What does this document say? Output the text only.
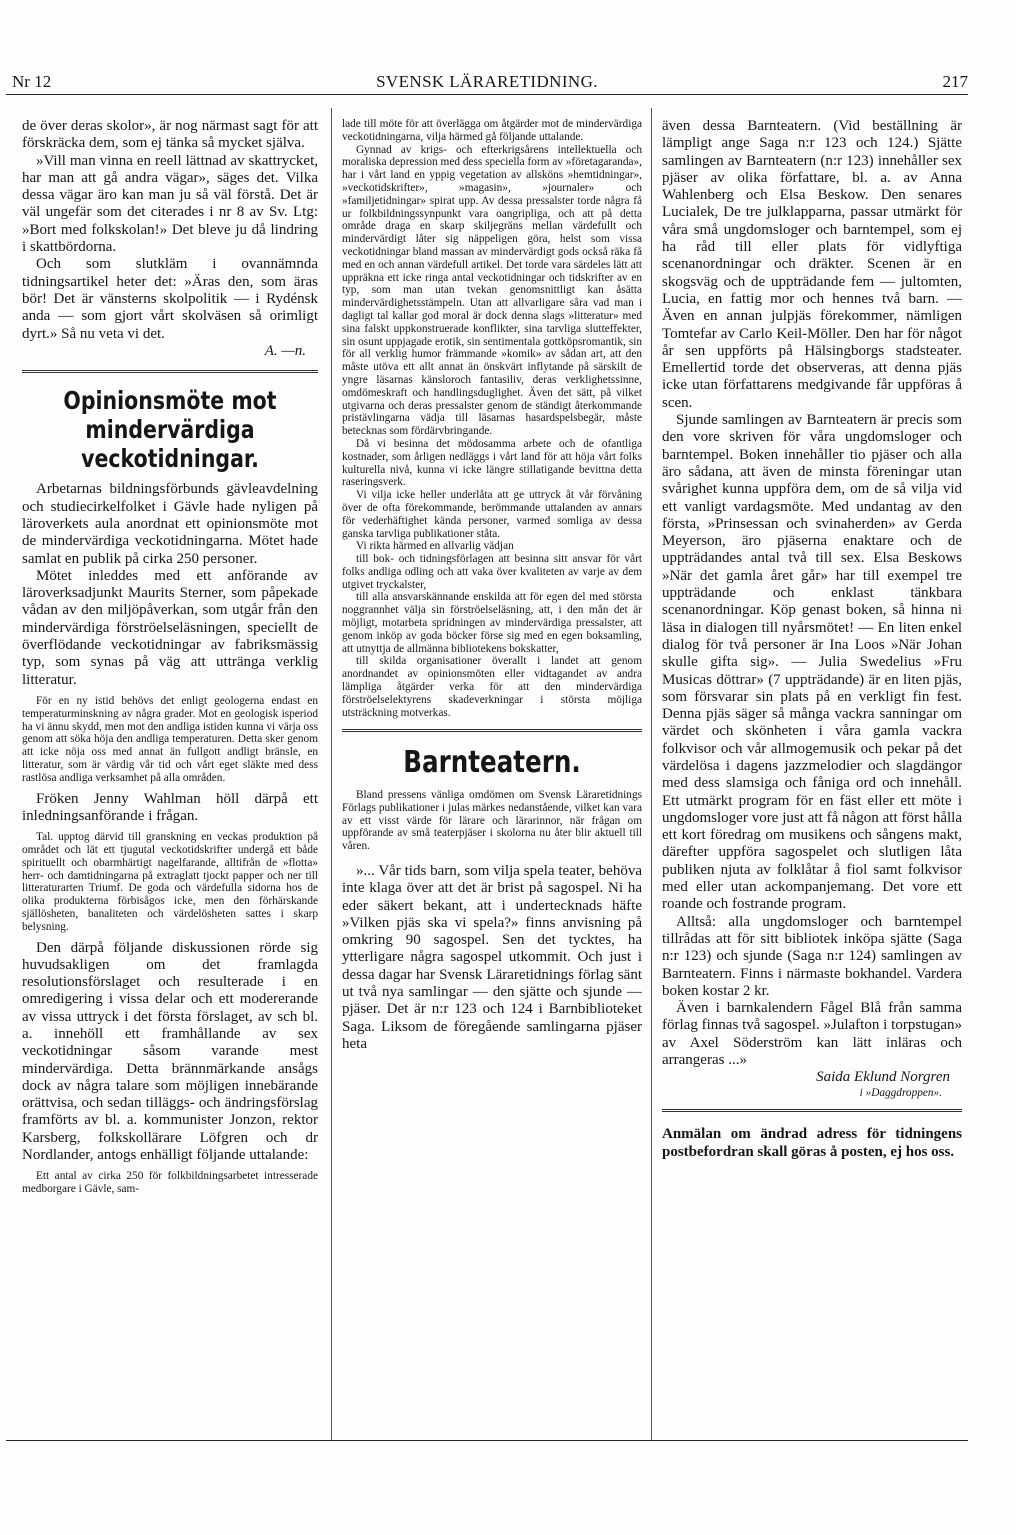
Nr 12	SVENSK LÄRARETIDNING.	217

de över deras skolor», är nog närmast sagt för att förskräcka dem, som ej tänka så mycket själva.

»Vill man vinna en reell lättnad av skattrycket, har man att gå andra vägar», säges det. Vilka dessa vägar äro kan man ju så väl förstå. Det är väl ungefär som det citerades i nr 8 av Sv. Ltg: »Bort med folkskolan!» Det bleve ju då lindring i skattbördorna.

Och som slutkläm i ovannämnda tidningsartikel heter det: »Äras den, som äras bör! Det är vänsterns skolpolitik — i Rydénsk anda — som gjort vårt skolväsen så orimligt dyrt.» Så nu veta vi det.

A. —n.

Opinionsmöte mot mindervärdiga veckotidningar.

Arbetarnas bildningsförbunds gävleavdelning och studiecirkelfolket i Gävle hade nyligen på läroverkets aula anordnat ett opinionsmöte mot de mindervärdiga veckotidningarna. Mötet hade samlat en publik på cirka 250 personer.

Mötet inleddes med ett anförande av läroverksadjunkt Maurits Sterner, som påpekade vådan av den miljöpåverkan, som utgår från den mindervärdiga förströelseläsningen, speciellt de överflödande veckotidningar av fabriksmässig typ, som synas på väg att uttränga verklig litteratur.

För en ny istid behövs det enligt geologerna endast en temperaturminskning av några grader. Mot en geologisk isperiod ha vi ännu skydd, men mot den andliga istiden kunna vi värja oss genom att söka höja den andliga temperaturen. Detta sker genom att icke nöja oss med annat än fullgott andligt bränsle, en litteratur, som är värdig vår tid och vårt eget släkte med dess rastlösa andliga verksamhet på alla områden.

Fröken Jenny Wahlman höll därpå ett inledningsanförande i frågan.

Tal. upptog därvid till granskning en veckas produktion på området och lät ett tjugutal veckotidskrifter undergå ett både spirituellt och obarmhärtigt nagelfarande, alltifrån de »flotta» herr- och damtidningarna på extraglatt tjockt papper och ner till litteraturarten Triumf. De goda och värdefulla sidorna hos de olika produkterna förbisågos icke, men den förhärskande själlösheten, banaliteten och värdelösheten sattes i skarp belysning.

Den därpå följande diskussionen rörde sig huvudsakligen om det framlagda resolutionsförslaget och resulterade i en omredigering i vissa delar och ett modererande av vissa uttryck i det första förslaget, av sch bl. a. innehöll ett framhållande av sex veckotidningar såsom varande mest mindervärdiga. Detta brännmärkande ansågs dock av några talare som möjligen innebärande orättvisa, och sedan tilläggs- och ändringsförslag framförts av bl. a. kommunister Jonzon, rektor Karsberg, folkskollärare Löfgren och dr Nordlander, antogs enhälligt följande uttalande:

Ett antal av cirka 250 för folkbildningsarbetet intresserade medborgare i Gävle, sam-

lade till möte för att överlägga om åtgärder mot de mindervärdiga veckotidningarna, vilja härmed gå följande uttalande.

Gynnad av krigs- och efterkrigsårens intellektuella och moraliska depression med dess speciella form av »företagaranda», har i vårt land en yppig vegetation av allsköns »hemtidningar», »veckotidskrifter», »magasin», »journaler» och »familjetidningar» spirat upp. Av dessa pressalster torde några få ur folkbildningssynpunkt vara oangripliga, och att på detta område draga en skarp skiljegräns mellan värdefullt och mindervärdigt låter sig näppeligen göra, helst som vissa veckotidningar bland massan av mindervärdigt gods också räka få med en och annan värdefull artikel. Det torde vara särdeles lätt att uppräkna ett icke ringa antal veckotidningar och tidskrifter av en typ, som man utan tvekan genomsnittligt kan åsätta mindervärdighetsstämpeln. Utan att allvarligare såra vad man i dagligt tal kallar god moral är dock denna slags »litteratur» med sina falskt uppkonstruerade konflikter, sina tarvliga slutteffekter, sin osunt uppjagade erotik, sin sentimentala gottköpsromantik, sin för all verklig humor främmande »komik» av sådan art, att den måste utöva ett allt annat än önskvärt inflytande på särskilt de yngre läsarnas känsloroch fantasiliv, deras verklighetssinne, omdömeskraft och handlingsduglighet. Även det sätt, på vilket utgivarna och deras pressalster genom de ständigt återkommande pristävlingarna vädja till läsarnas hasardspelsbegär, måste betecknas som fördärvbringande.

Då vi besinna det mödosamma arbete och de ofantliga kostnader, som årligen nedläggs i vårt land för att höja vårt folks kulturella nivå, kunna vi icke längre stillatigande bevittna detta raseringsverk.

Vi vilja icke heller underlåta att ge uttryck åt vår förvåning över de ofta förekommande, berömmande uttalanden av annars för vederhäftighet kända personer, varmed somliga av dessa ganska tarvliga publikationer ståta.

Vi rikta härmed en allvarlig vädjan

till bok- och tidningsförlagen att besinna sitt ansvar för vårt folks andliga odling och att vaka över kvaliteten av varje av dem utgivet tryckalster,

till alla ansvarskännande enskilda att för egen del med största noggrannhet välja sin förströelseläsning, att, i den mån det är möjligt, motarbeta spridningen av mindervärdiga pressalster, att genom inköp av goda böcker förse sig med en egen boksamling, att utnyttja de allmänna bibliotekens bokskatter,

till skilda organisationer överallt i landet att genom anordnandet av opinionsmöten eller vidtagandet av andra lämpliga åtgärder verka för att den mindervärdiga förströelselektyrens skadeverkningar i största möjliga utsträckning motverkas.

Barnteatern.

Bland pressens vänliga omdömen om Svensk Läraretidnings Förlags publikationer i julas märkes nedanstående, vilket kan vara av ett visst värde för lärare och lärarinnor, när frågan om uppförande av små teaterpjäser i skolorna nu åter blir aktuell till våren.

»... Vår tids barn, som vilja spela teater, behöva inte klaga över att det är brist på sagospel. Ni ha eder säkert bekant, att i undertecknads häfte »Vilken pjäs ska vi spela?» finns anvisning på omkring 90 sagospel. Sen det tycktes, ha ytterligare några sagospel utkommit. Och just i dessa dagar har Svensk Läraretidnings förlag sänt ut två nya samlingar — den sjätte och sjunde — pjäser. Det är n:r 123 och 124 i Barnbiblioteket Saga. Liksom de föregående samlingarna pjäser heta

även dessa Barnteatern. (Vid beställning är lämpligt ange Saga n:r 123 och 124.) Sjätte samlingen av Barnteatern (n:r 123) innehåller sex pjäser av olika författare, bl. a. av Anna Wahlenberg och Elsa Beskow. Den senares Lucialek, De tre julklapparna, passar utmärkt för våra små ungdomsloger och barntempel, som ej ha råd till eller plats för vidlyftiga scenanordningar och dräkter. Scenen är en skogsväg och de uppträdande fem — jultomten, Lucia, en fattig mor och hennes två barn. — Även en annan julpjäs förekommer, nämligen Tomtefar av Carlo Keil-Möller. Den har för något år sen uppförts på Hälsingborgs stadsteater. Emellertid torde det observeras, att denna pjäs icke utan författarens medgivande får uppföras å scen.

Sjunde samlingen av Barnteatern är precis som den vore skriven för våra ungdomsloger och barntempel. Boken innehåller tio pjäser och alla äro sådana, att även de minsta föreningar utan svårighet kunna uppföra dem, om de så vilja vid ett vanligt vardagsmöte. Med undantag av den första, »Prinsessan och svinaherden» av Gerda Meyerson, äro pjäserna enaktare och de uppträdandes antal två till sex. Elsa Beskows »När det gamla året går» har till exempel tre uppträdande och enklast tänkbara scenanordningar. Köp genast boken, så hinna ni läsa in dialogen till nyårsmötet! — En liten enkel dialog för två personer är Ina Loos »När Johan skulle gifta sig». — Julia Swedelius »Fru Musicas döttrar» (7 uppträdande) är en liten pjäs, som försvarar sin plats på en verkligt fin fest. Denna pjäs säger så många vackra sanningar om värdet och skönheten i våra gamla vackra folkvisor och vår allmogemusik och pekar på det värdelösa i dagens jazzmelodier och slagdängor med dess slamsiga och fåniga ord och innehåll. Ett utmärkt program för en fäst eller ett möte i ungdomsloger vore just att få någon att först hålla ett kort föredrag om musikens och sångens makt, därefter uppföra sagospelet och slutligen låta publiken njuta av folklåtar å fiol samt folkvisor med eller utan ackompanjemang. Det vore ett roande och fostrande program.

Alltså: alla ungdomsloger och barntempel tillrådas att för sitt bibliotek inköpa sjätte (Saga n:r 123) och sjunde (Saga n:r 124) samlingen av Barnteatern. Finns i närmaste bokhandel. Vardera boken kostar 2 kr.

Även i barnkalendern Fågel Blå från samma förlag finnas två sagospel. »Julafton i torpstugan» av Axel Söderström kan lätt inläras och arrangeras ...»

Saida Eklund Norgren

i »Daggdroppen».

Anmälan om ändrad adress för tidningens postbefordran skall göras å posten, ej hos oss.
